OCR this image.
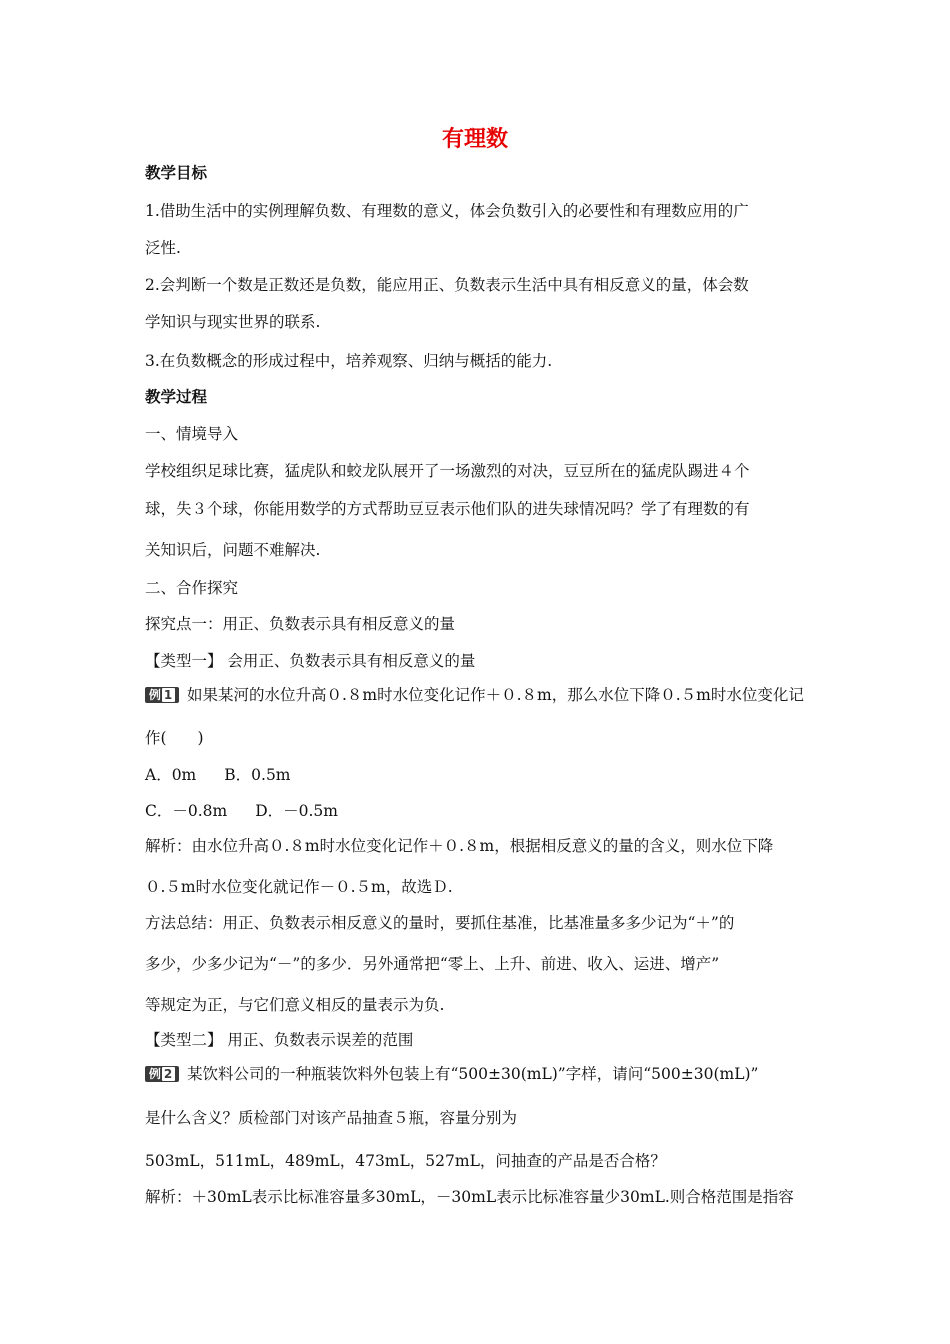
有理数
教学目标
1.借助生活中的实例理解负数、有理数的意义，体会负数引入的必要性和有理数应用的广
泛性.
2.会判断一个数是正数还是负数，能应用正、负数表示生活中具有相反意义的量，体会数
学知识与现实世界的联系.
3.在负数概念的形成过程中，培养观察、归纳与概括的能力.
教学过程
一、情境导入
学校组织足球比赛，猛虎队和蛟龙队展开了一场激烈的对决，豆豆所在的猛虎队踢进４个
球，失３个球，你能用数学的方式帮助豆豆表示他们队的进失球情况吗？学了有理数的有
关知识后，问题不难解决.
二、合作探究
探究点一：用正、负数表示具有相反意义的量
【类型一】 会用正、负数表示具有相反意义的量
例 1 如果某河的水位升高０.８m时水位变化记作＋０.８m，那么水位下降０.５m时水位变化记
作(　　)
A．0m B．0.5m
C．－0.8m D．－0.5m
解析：由水位升高０.８m时水位变化记作＋０.８m，根据相反意义的量的含义，则水位下降
０.５m时水位变化就记作－０.５m，故选Ｄ.
方法总结：用正、负数表示相反意义的量时，要抓住基准，比基准量多多少记为“＋”的
多少，少多少记为“－”的多少．另外通常把“零上、上升、前进、收入、运进、增产”
等规定为正，与它们意义相反的量表示为负.
【类型二】 用正、负数表示误差的范围
例 2 某饮料公司的一种瓶装饮料外包装上有“500±30(mL)”字样，请问“500±30(mL)”
是什么含义？质检部门对该产品抽查５瓶，容量分别为
503mL，511mL，489mL，473mL，527mL，问抽查的产品是否合格？
解析：＋30mL表示比标准容量多30mL，－30mL表示比标准容量少30mL.则合格范围是指容
